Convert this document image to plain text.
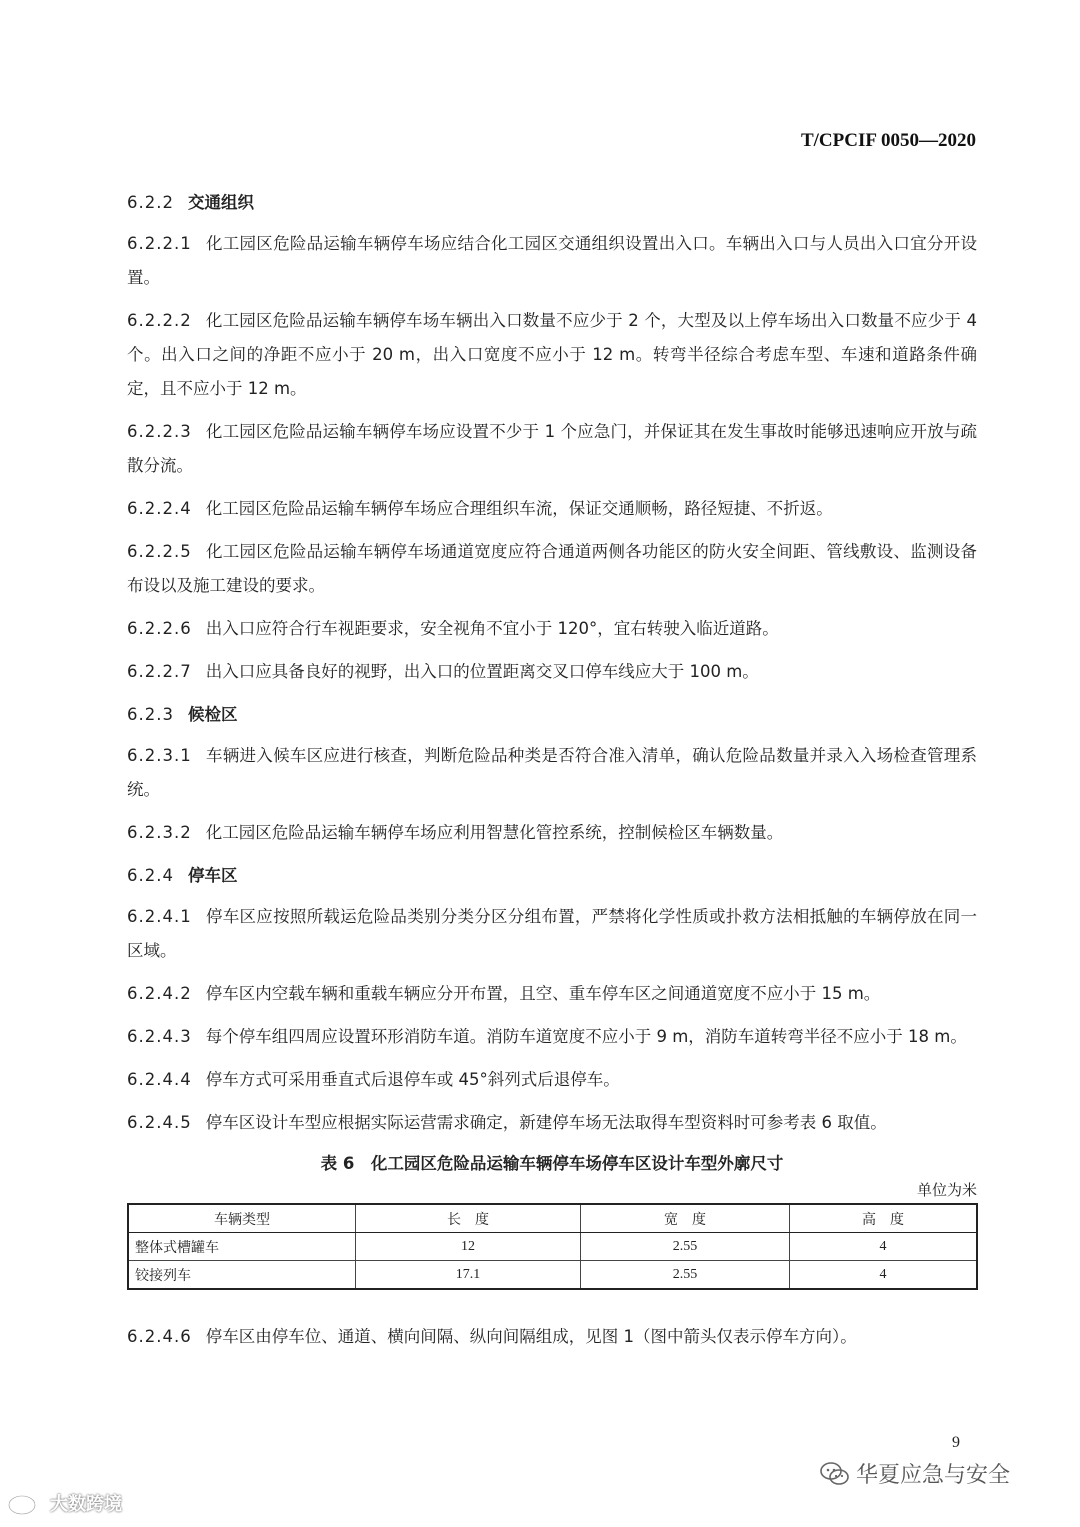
T/CPCIF 0050—2020

6.2.2 交通组织

6.2.2.1 化工园区危险品运输车辆停车场应结合化工园区交通组织设置出入口。车辆出入口与人员出入口宜分开设置。

6.2.2.2 化工园区危险品运输车辆停车场车辆出入口数量不应少于 2 个，大型及以上停车场出入口数量不应少于 4 个。出入口之间的净距不应小于 20 m，出入口宽度不应小于 12 m。转弯半径综合考虑车型、车速和道路条件确定，且不应小于 12 m。

6.2.2.3 化工园区危险品运输车辆停车场应设置不少于 1 个应急门，并保证其在发生事故时能够迅速响应开放与疏散分流。

6.2.2.4 化工园区危险品运输车辆停车场应合理组织车流，保证交通顺畅，路径短捷、不折返。

6.2.2.5 化工园区危险品运输车辆停车场通道宽度应符合通道两侧各功能区的防火安全间距、管线敷设、监测设备布设以及施工建设的要求。

6.2.2.6 出入口应符合行车视距要求，安全视角不宜小于 120°，宜右转驶入临近道路。

6.2.2.7 出入口应具备良好的视野，出入口的位置距离交叉口停车线应大于 100 m。

6.2.3 候检区

6.2.3.1 车辆进入候车区应进行核查，判断危险品种类是否符合准入清单，确认危险品数量并录入入场检查管理系统。

6.2.3.2 化工园区危险品运输车辆停车场应利用智慧化管控系统，控制候检区车辆数量。

6.2.4 停车区

6.2.4.1 停车区应按照所载运危险品类别分类分区分组布置，严禁将化学性质或扑救方法相抵触的车辆停放在同一区域。

6.2.4.2 停车区内空载车辆和重载车辆应分开布置，且空、重车停车区之间通道宽度不应小于 15 m。

6.2.4.3 每个停车组四周应设置环形消防车道。消防车道宽度不应小于 9 m，消防车道转弯半径不应小于 18 m。

6.2.4.4 停车方式可采用垂直式后退停车或 45°斜列式后退停车。

6.2.4.5 停车区设计车型应根据实际运营需求确定，新建停车场无法取得车型资料时可参考表 6 取值。

表 6　化工园区危险品运输车辆停车场停车区设计车型外廓尺寸
单位为米
车辆类型	长　度	宽　度	高　度
整体式槽罐车	12	2.55	4
铰接列车	17.1	2.55	4

6.2.4.6 停车区由停车位、通道、横向间隔、纵向间隔组成，见图 1（图中箭头仅表示停车方向）。

9
华夏应急与安全
大数跨境
